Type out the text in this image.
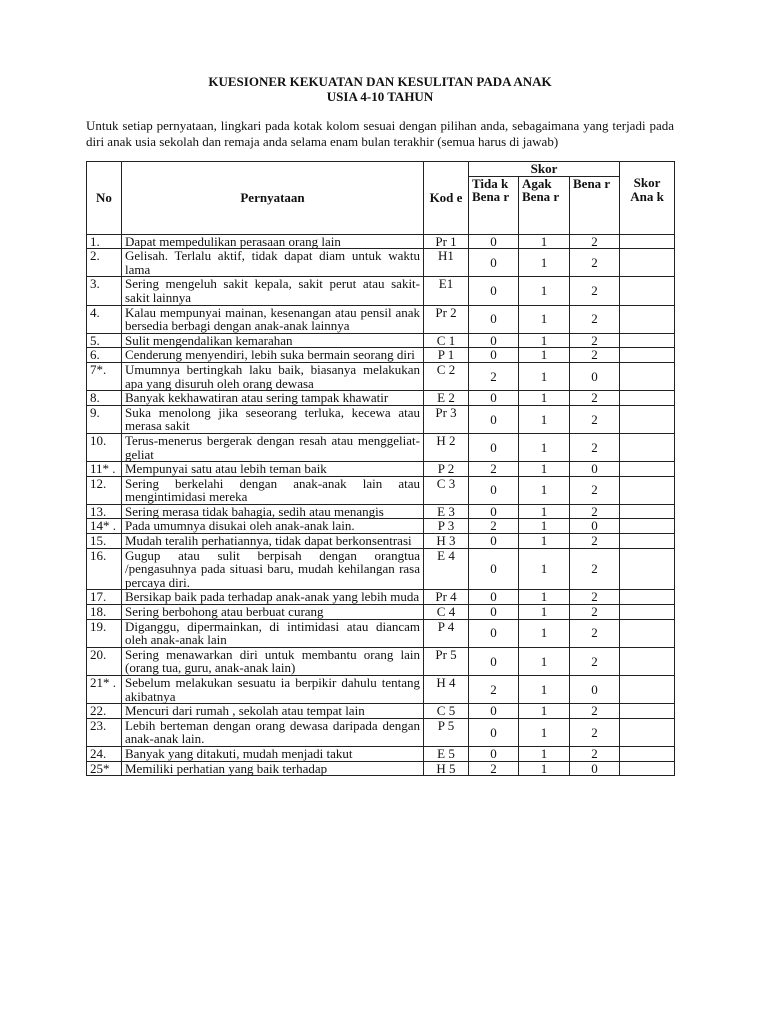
KUESIONER KEKUATAN DAN KESULITAN PADA ANAK
USIA 4-10 TAHUN
Untuk setiap pernyataan, lingkari pada kotak kolom sesuai dengan pilihan anda, sebagaimana yang terjadi pada diri anak usia sekolah dan remaja anda selama enam bulan terakhir (semua harus di jawab)
No	Pernyataan	Kod e	Skor			Skor Ana k
			Tida k Bena r	Agak Bena r	Bena r	
1.	Dapat mempedulikan perasaan orang lain	Pr 1	0	1	2	
2.	Gelisah. Terlalu aktif, tidak dapat diam untuk waktu lama	H1	0	1	2	
3.	Sering mengeluh sakit kepala, sakit perut atau sakit-sakit lainnya	E1	0	1	2	
4.	Kalau mempunyai mainan, kesenangan atau pensil anak bersedia berbagi dengan anak-anak lainnya	Pr 2	0	1	2	
5.	Sulit mengendalikan kemarahan	C 1	0	1	2	
6.	Cenderung menyendiri, lebih suka bermain seorang diri	P 1	0	1	2	
7*.	Umumnya bertingkah laku baik, biasanya melakukan apa yang disuruh oleh orang dewasa	C 2	2	1	0	
8.	Banyak kekhawatiran atau sering tampak khawatir	E 2	0	1	2	
9.	Suka menolong jika seseorang terluka, kecewa atau merasa sakit	Pr 3	0	1	2	
10.	Terus-menerus bergerak dengan resah atau menggeliat-geliat	H 2	0	1	2	
11* .	Mempunyai satu atau lebih teman baik	P 2	2	1	0	
12.	Sering berkelahi dengan anak-anak lain atau mengintimidasi mereka	C 3	0	1	2	
13.	Sering merasa tidak bahagia, sedih atau menangis	E 3	0	1	2	
14* .	Pada umumnya disukai oleh anak-anak lain.	P 3	2	1	0	
15.	Mudah teralih perhatiannya, tidak dapat berkonsentrasi	H 3	0	1	2	
16.	Gugup atau sulit berpisah dengan orangtua /pengasuhnya pada situasi baru, mudah kehilangan rasa percaya diri.	E 4	0	1	2	
17.	Bersikap baik pada terhadap anak-anak yang lebih muda	Pr 4	0	1	2	
18.	Sering berbohong atau berbuat curang	C 4	0	1	2	
19.	Diganggu, dipermainkan, di intimidasi atau diancam oleh anak-anak lain	P 4	0	1	2	
20.	Sering menawarkan diri untuk membantu orang lain (orang tua, guru, anak-anak lain)	Pr 5	0	1	2	
21* .	Sebelum melakukan sesuatu ia berpikir dahulu tentang akibatnya	H 4	2	1	0	
22.	Mencuri dari rumah , sekolah atau tempat lain	C 5	0	1	2	
23.	Lebih berteman dengan orang dewasa daripada dengan anak-anak lain.	P 5	0	1	2	
24.	Banyak yang ditakuti, mudah menjadi takut	E 5	0	1	2	
25*	Memiliki perhatian yang baik terhadap	H 5	2	1	0	
